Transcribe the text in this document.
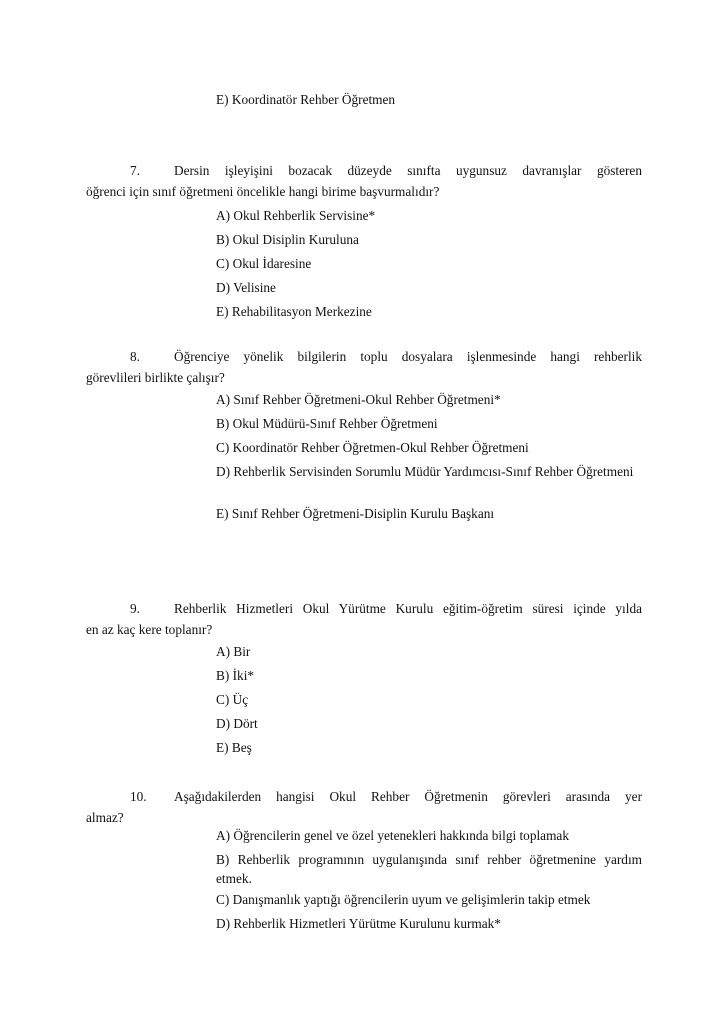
E) Koordinatör Rehber Öğretmen
7.	Dersin işleyişini bozacak düzeyde sınıfta uygunsuz davranışlar gösteren
öğrenci için sınıf öğretmeni öncelikle hangi birime başvurmalıdır?
A) Okul Rehberlik Servisine*
B) Okul Disiplin Kuruluna
C) Okul İdaresine
D) Velisine
E) Rehabilitasyon Merkezine
8.	Öğrenciye yönelik bilgilerin toplu dosyalara işlenmesinde hangi rehberlik
görevlileri birlikte çalışır?
A) Sınıf Rehber Öğretmeni-Okul Rehber Öğretmeni*
B) Okul Müdürü-Sınıf Rehber Öğretmeni
C) Koordinatör Rehber Öğretmen-Okul Rehber Öğretmeni
D) Rehberlik Servisinden Sorumlu Müdür Yardımcısı-Sınıf Rehber Öğretmeni
E) Sınıf Rehber Öğretmeni-Disiplin Kurulu Başkanı
9.	Rehberlik Hizmetleri Okul Yürütme Kurulu eğitim-öğretim süresi içinde yılda
en az kaç kere toplanır?
A) Bir
B) İki*
C) Üç
D) Dört
E) Beş
10. Aşağıdakilerden hangisi Okul Rehber Öğretmenin görevleri arasında yer
almaz?
A) Öğrencilerin genel ve özel yetenekleri hakkında bilgi toplamak
B) Rehberlik programının uygulanışında sınıf rehber öğretmenine yardım etmek.
C) Danışmanlık yaptığı öğrencilerin uyum ve gelişimlerin takip etmek
D) Rehberlik Hizmetleri Yürütme Kurulunu kurmak*
